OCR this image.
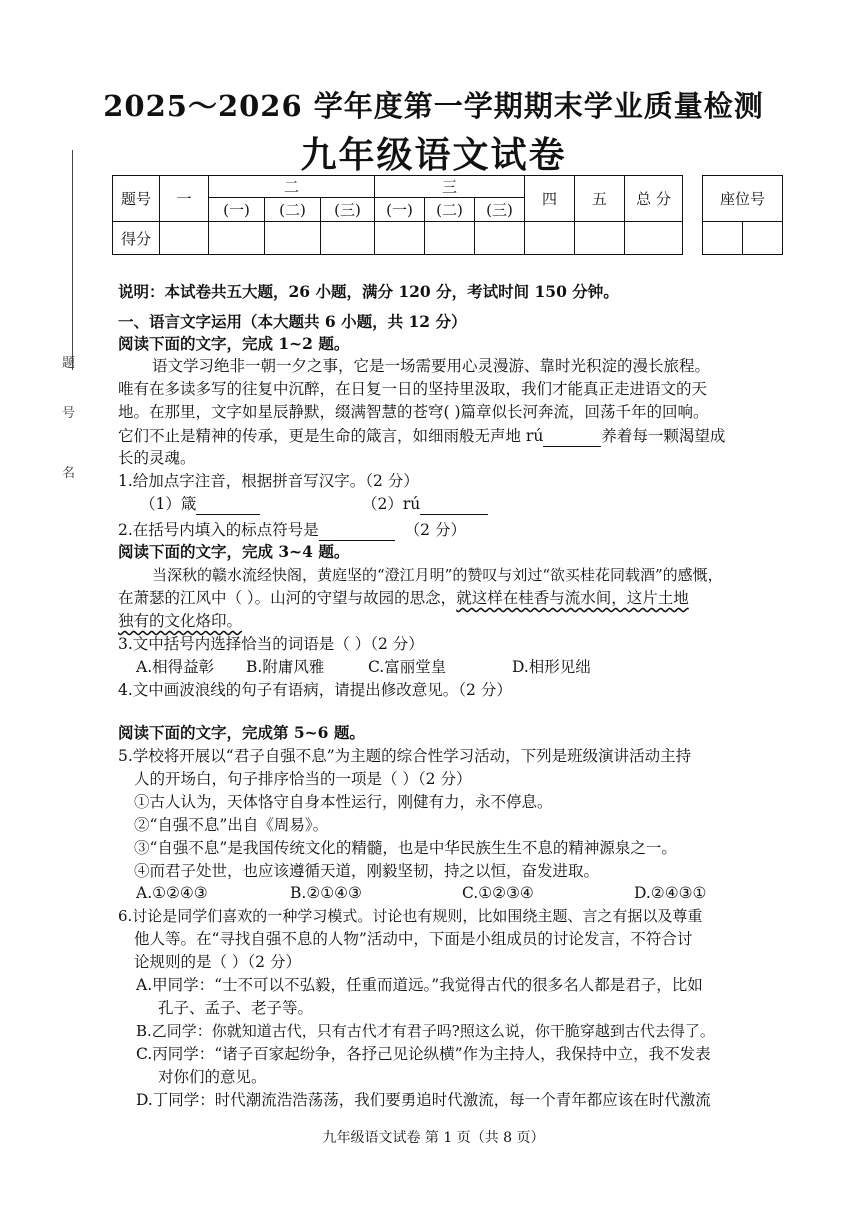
题
号
名
2025～2026 学年度第一学期期末学业质量检测
九年级语文试卷
题号	一	二			三			四	五	总 分
		(一)	(二)	(三)	(一)	(二)	(三)			
得分										
座位号

说明：本试卷共五大题，26 小题，满分 120 分，考试时间 150 分钟。
一、语言文字运用（本大题共 6 小题，共 12 分）
阅读下面的文字，完成 1~2 题。
语文学习绝非一朝一夕之事，它是一场需要用心灵漫游、靠时光积淀的漫长旅程。
唯有在多读多写的往复中沉醉，在日复一日的坚持里汲取，我们才能真正走进语文的天
地。在那里，文字如星辰静默，缀满智慧的苍穹( )篇章似长河奔流，回荡千年的回响。
它们不止是精神的传承，更是生命的箴言，如细雨般无声地 rú	养着每一颗渴望成
长的灵魂。
1.给加点字注音，根据拼音写汉字。（2 分）
（1）箴	（2）rú
2.在括号内填入的标点符号是	（2 分）
阅读下面的文字，完成 3~4 题。
当深秋的赣水流经快阁，黄庭坚的“澄江月明”的赞叹与刘过“欲买桂花同载酒”的感慨，
在萧瑟的江风中（ ）。山河的守望与故园的思念，就这样在桂香与流水间，这片土地
独有的文化烙印。
3.文中括号内选择恰当的词语是（ ）（2 分）
A.相得益彰 B.附庸风雅	C.富丽堂皇	D.相形见绌
4.文中画波浪线的句子有语病，请提出修改意见。（2 分）
阅读下面的文字，完成第 5~6 题。
5.学校将开展以“君子自强不息”为主题的综合性学习活动，下列是班级演讲活动主持
人的开场白，句子排序恰当的一项是（ ）（2 分）
①古人认为，天体恪守自身本性运行，刚健有力，永不停息。
②“自强不息”出自《周易》。
③“自强不息”是我国传统文化的精髓，也是中华民族生生不息的精神源泉之一。
④而君子处世，也应该遵循天道，刚毅坚韧，持之以恒，奋发进取。
A.①②④③	B.②①④③	C.①②③④	D.②④③①
6.讨论是同学们喜欢的一种学习模式。讨论也有规则，比如围绕主题、言之有据以及尊重
他人等。在“寻找自强不息的人物”活动中，下面是小组成员的讨论发言，不符合讨
论规则的是（ ）（2 分）
A.甲同学：“士不可以不弘毅，任重而道远。”我觉得古代的很多名人都是君子，比如
孔子、孟子、老子等。
B.乙同学：你就知道古代，只有古代才有君子吗?照这么说，你干脆穿越到古代去得了。
C.丙同学：“诸子百家起纷争，各抒己见论纵横”作为主持人，我保持中立，我不发表
对你们的意见。
D.丁同学：时代潮流浩浩荡荡，我们要勇追时代激流，每一个青年都应该在时代激流
九年级语文试卷 第 1 页（共 8 页）
